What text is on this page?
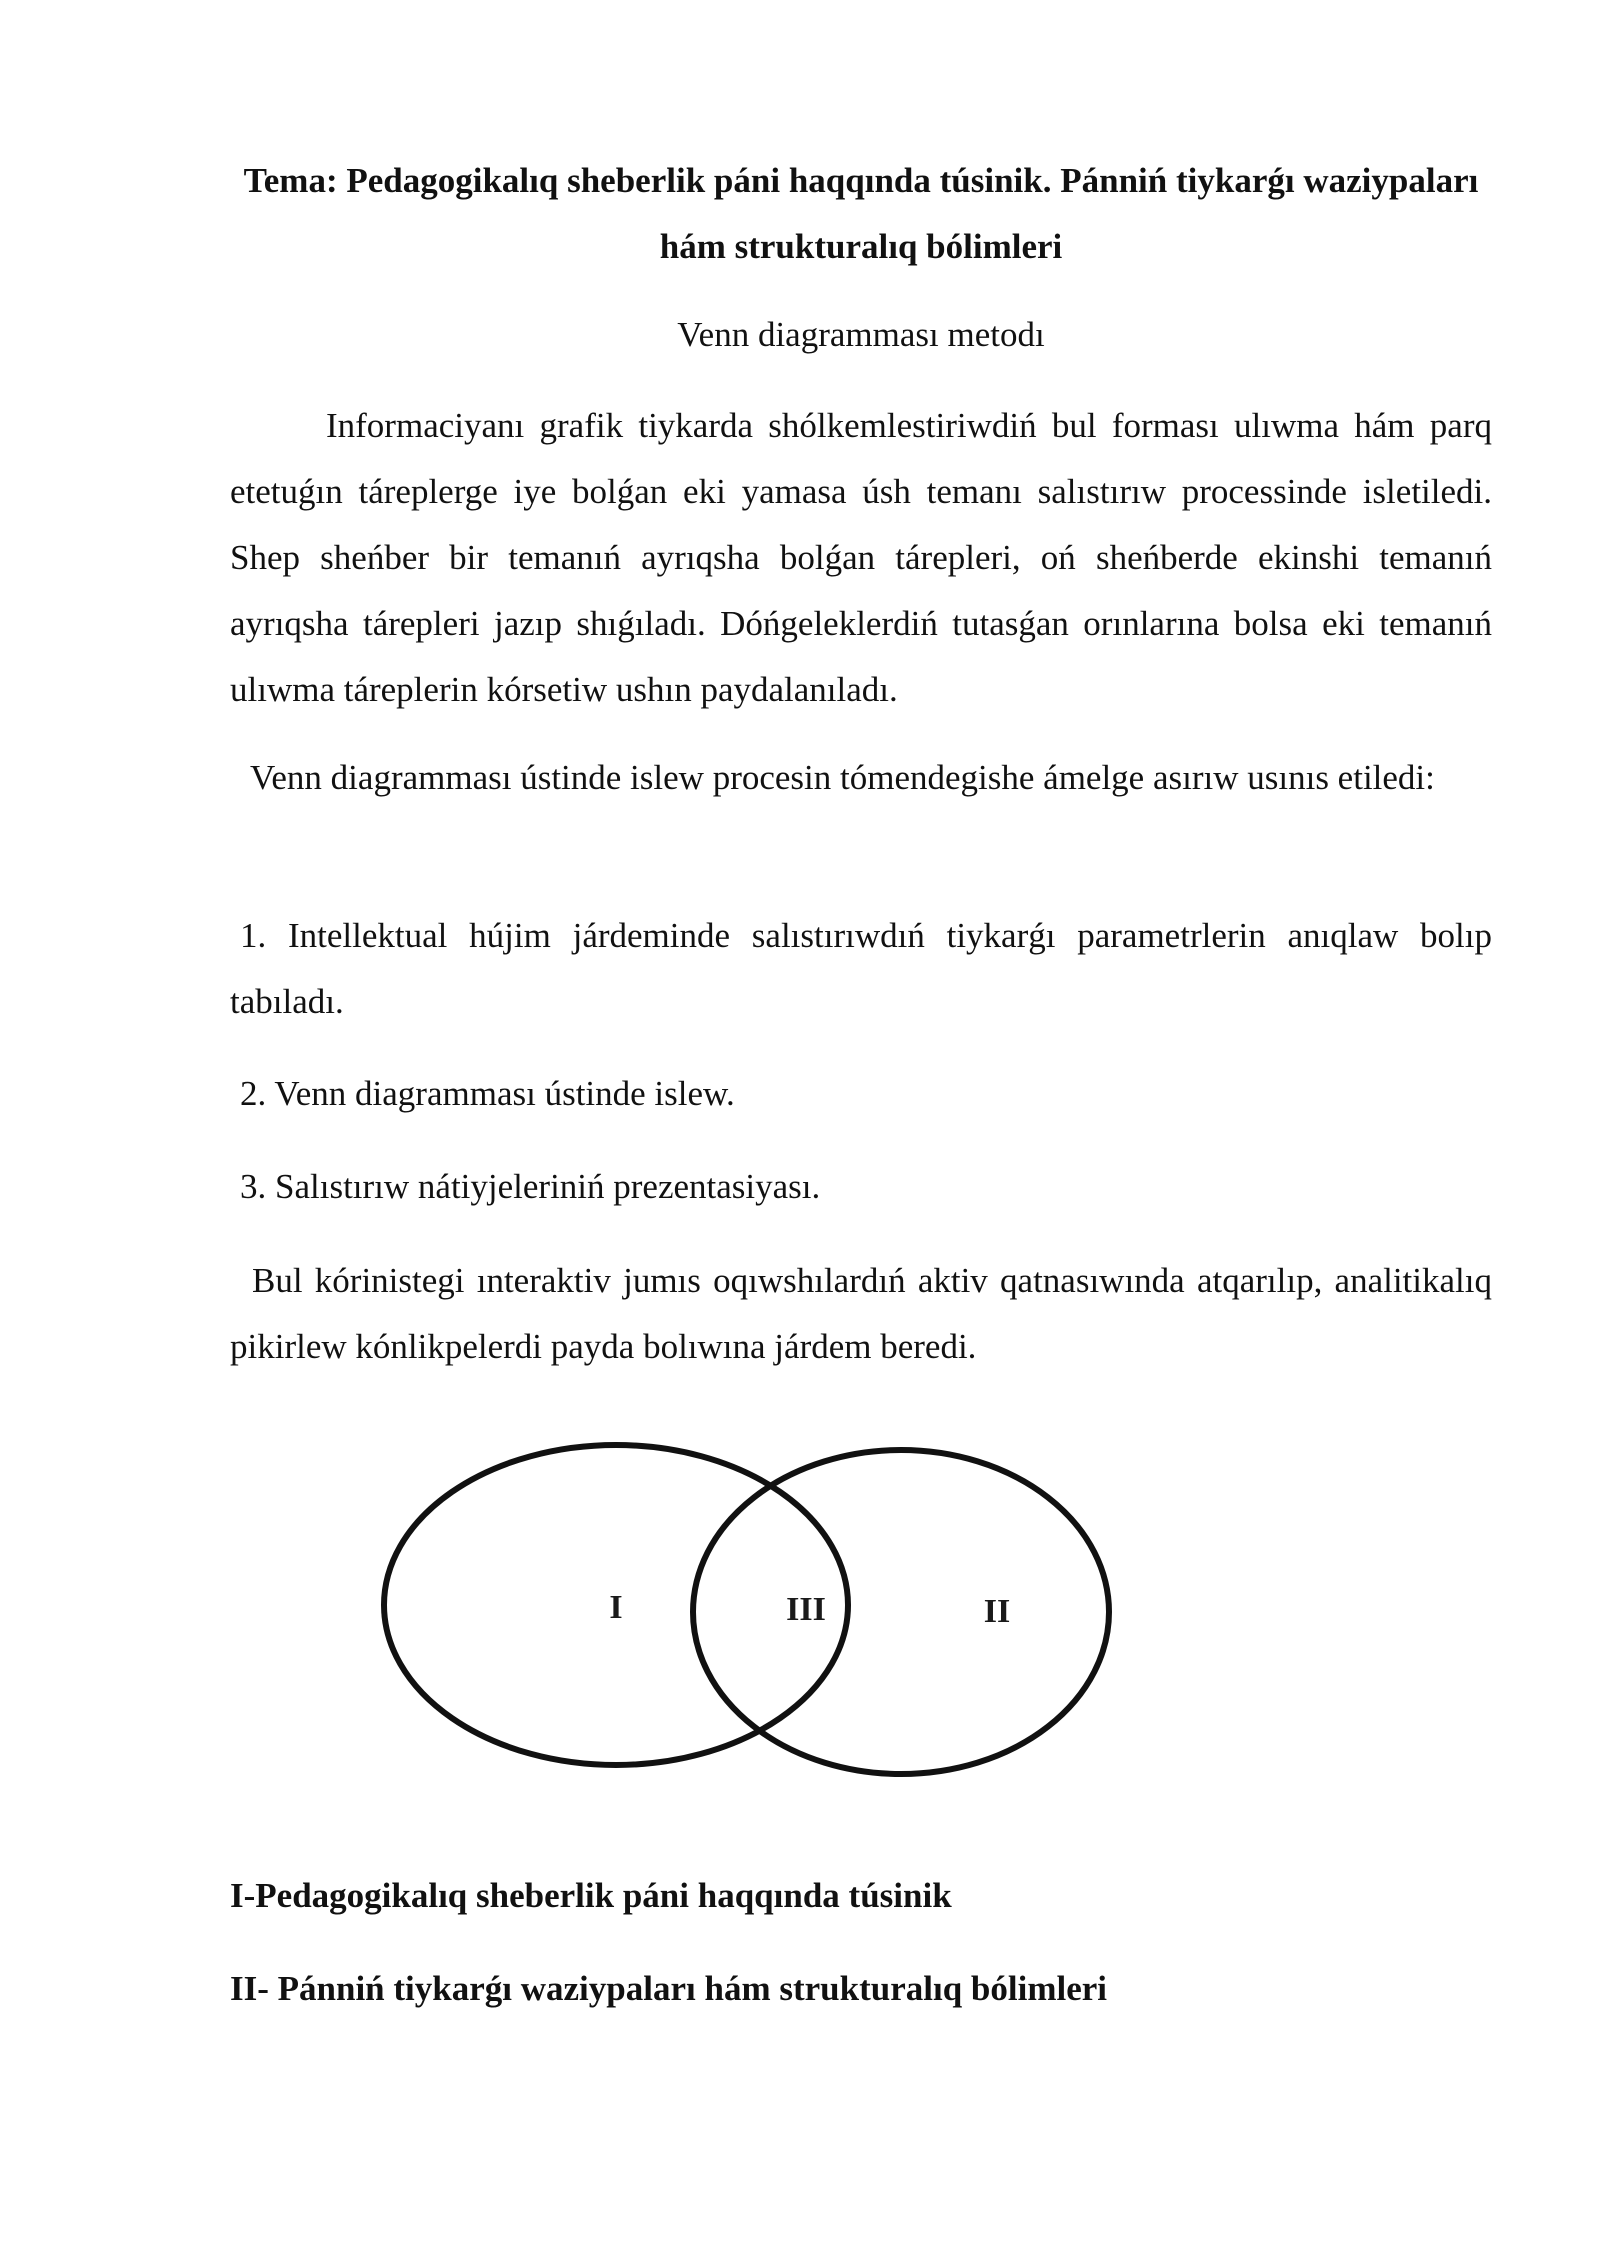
Tema: Pedagogikalıq sheberlik páni haqqında túsinik. Pánniń tiykarǵı waziypaları hám strukturalıq bólimleri
Venn diagramması metodı

Informaciyanı grafik tiykarda shólkemlestiriwdiń bul forması ulıwma hám parq etetuǵın tárеplerge iye bolǵan eki yamasa úsh temanı salıstırıw processinde isletiledi. Shep sheńber bir temanıń ayrıqsha bolǵan tárepleri, oń sheńberde ekinshi temanıń ayrıqsha tárepleri jazıp shıǵıladı. Dóńgeleklerdiń tutasǵan orınlarına bolsa eki temanıń ulıwma tárеplerin kórsetiw ushın paydalanıladı.

Venn diagramması ústinde islew procesin tómendegishe ámelge asırıw usınıs etiledi:

1. Intellektual hújim járdeminde salıstırıwdıń tiykarǵı parametrlerin anıqlaw bolıp tabıladı.

2. Venn diagramması ústinde islew.

3. Salıstırıw nátiyjeleriniń prezentasiyası.

Bul kórinistegi ınteraktiv jumıs oqıwshılardıń aktiv qatnasıwında atqarılıp, analitikalıq pikirlew kónlikpelerdi payda bolıwına járdem beredi.

I	III	II
I-Pedagogikalıq sheberlik páni haqqında túsinik
II- Pánniń tiykarǵı waziypaları hám strukturalıq bólimleri
